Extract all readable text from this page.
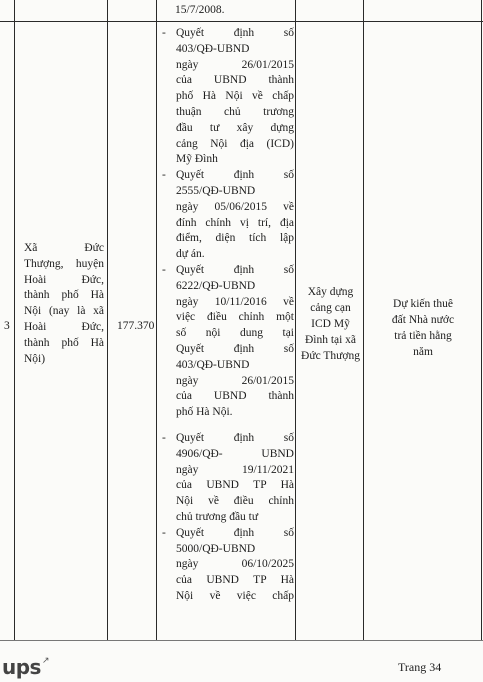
15/7/2008.
3
Xã Đức
Thượng, huyện
Hoài Đức,
thành phố Hà
Nội (nay là xã
Hoài Đức,
thành phố Hà
Nội)
177.370
- Quyết định số
403/QĐ-UBND
ngày 26/01/2015
của UBND thành
phố Hà Nội về chấp
thuận chủ trương
đầu tư xây dựng
cảng Nội địa (ICD)
Mỹ Đình
- Quyết định số
2555/QĐ-UBND
ngày 05/06/2015 về
đính chính vị trí, địa
điểm, diện tích lập
dự án.
- Quyết định số
6222/QĐ-UBND
ngày 10/11/2016 về
việc điều chỉnh một
số nội dung tại
Quyết định số
403/QĐ-UBND
ngày 26/01/2015
của UBND thành
phố Hà Nội.
- Quyết định số
4906/QĐ- UBND
ngày 19/11/2021
của UBND TP Hà
Nội về điều chỉnh
chủ trương đầu tư
- Quyết định số
5000/QĐ-UBND
ngày 06/10/2025
của UBND TP Hà
Nội về việc chấp
Xây dựng
cảng cạn
ICD Mỹ
Đình tại xã
Đức Thượng
Dự kiến thuê
đất Nhà nước
trả tiền hằng
năm
ups↗	Trang 34
